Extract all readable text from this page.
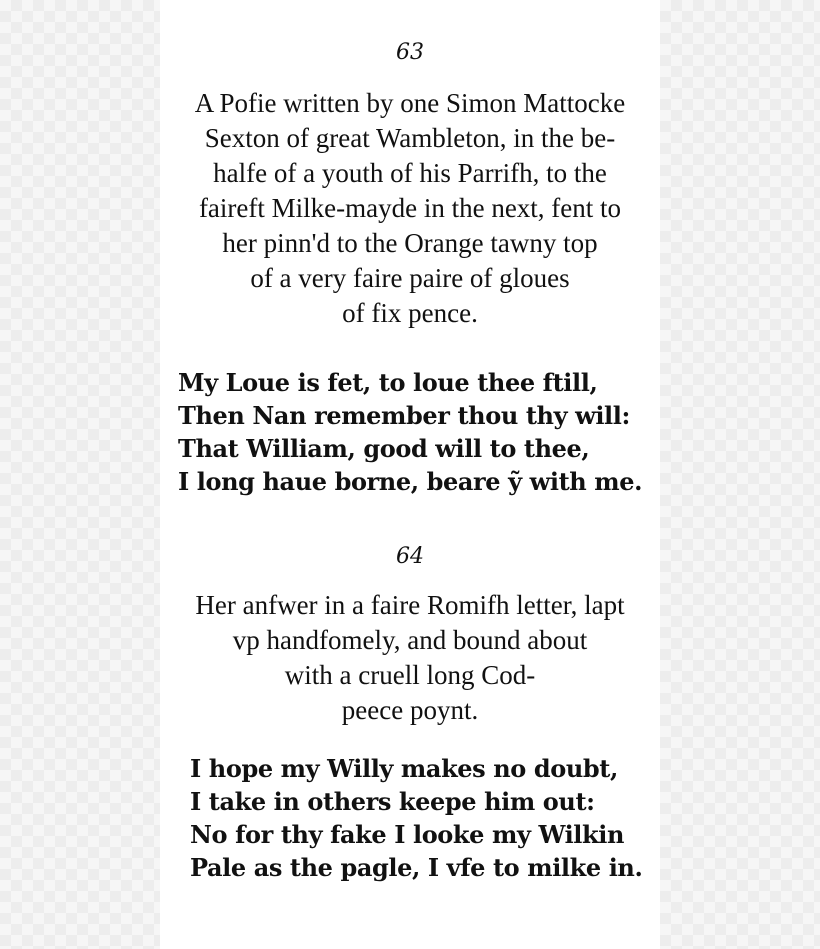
63
A Pofie written by one Simon Mattocke
Sexton of great Wambleton, in the be-
halfe of a youth of his Parrifh, to the
faireft Milke-mayde in the next, fent to
her pinn'd to the Orange tawny top
of a very faire paire of gloues
of fix pence.
My Loue is fet, to loue thee ftill,
Then Nan remember thou thy will:
That William, good will to thee,
I long haue borne, beare ỹ with me.
64
Her anfwer in a faire Romifh letter, lapt
vp handfomely, and bound about
with a cruell long Cod-
peece poynt.
I hope my Willy makes no doubt,
I take in others keepe him out:
No for thy fake I looke my Wilkin
Pale as the pagle, I vfe to milke in.
